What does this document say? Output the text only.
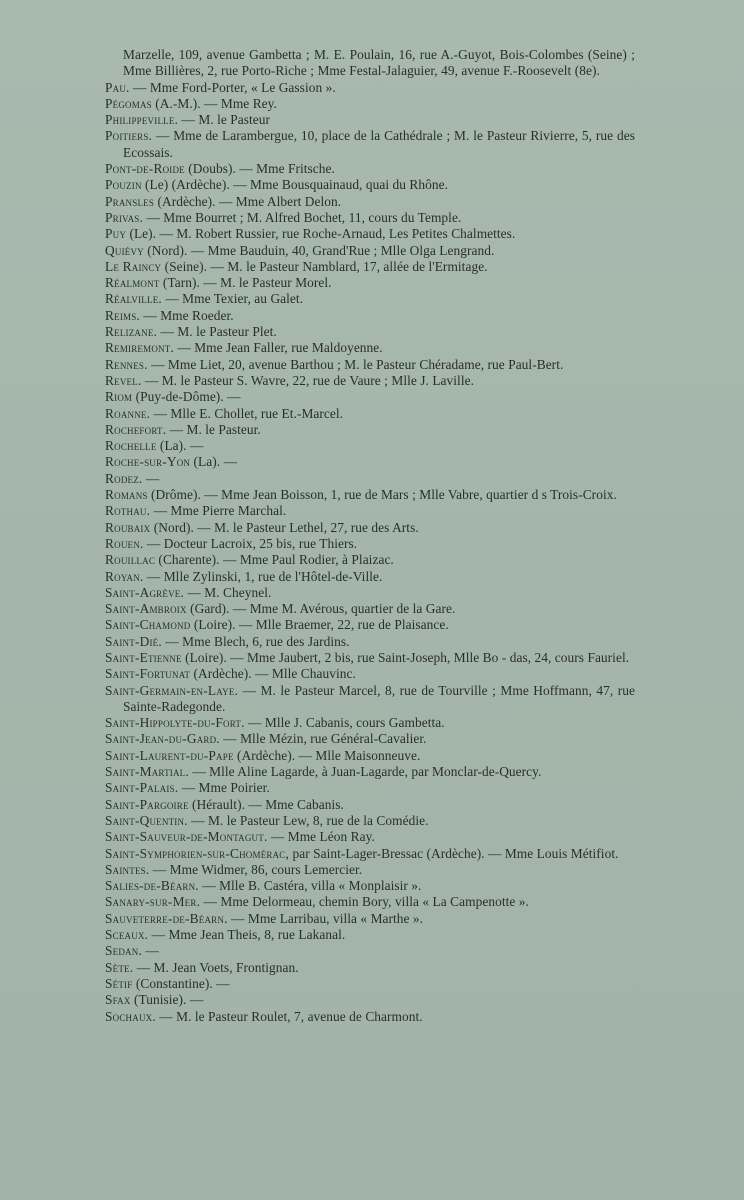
Marzelle, 109, avenue Gambetta ; M. E. Poulain, 16, rue A.-Guyot, Bois-Colombes (Seine) ; Mme Billières, 2, rue Porto-Riche ; Mme Festal-Jalaguier, 49, avenue F.-Roosevelt (8e).
Pau. — Mme Ford-Porter, « Le Gassion ».
Pégomas (A.-M.). — Mme Rey.
Philippeville. — M. le Pasteur
Poitiers. — Mme de Larambergue, 10, place de la Cathédrale ; M. le Pasteur Rivierre, 5, rue des Ecossais.
Pont-de-Roide (Doubs). — Mme Fritsche.
Pouzin (Le) (Ardèche). — Mme Bousquainaud, quai du Rhône.
Pransles (Ardèche). — Mme Albert Delon.
Privas. — Mme Bourret ; M. Alfred Bochet, 11, cours du Temple.
Puy (Le). — M. Robert Russier, rue Roche-Arnaud, Les Petites Chalmettes.
Quiévy (Nord). — Mme Bauduin, 40, Grand'Rue ; Mlle Olga Lengrand.
Le Raincy (Seine). — M. le Pasteur Namblard, 17, allée de l'Ermitage.
Réalmont (Tarn). — M. le Pasteur Morel.
Réalville. — Mme Texier, au Galet.
Reims. — Mme Roeder.
Relizane. — M. le Pasteur Plet.
Remiremont. — Mme Jean Faller, rue Maldoyenne.
Rennes. — Mme Liet, 20, avenue Barthou ; M. le Pasteur Chéradame, rue Paul-Bert.
Revel. — M. le Pasteur S. Wavre, 22, rue de Vaure ; Mlle J. Laville.
Riom (Puy-de-Dôme). —
Roanne. — Mlle E. Chollet, rue Et.-Marcel.
Rochefort. — M. le Pasteur.
Rochelle (La). —
Roche-sur-Yon (La). —
Rodez. —
Romans (Drôme). — Mme Jean Boisson, 1, rue de Mars ; Mlle Vabre, quartier d s Trois-Croix.
Rothau. — Mme Pierre Marchal.
Roubaix (Nord). — M. le Pasteur Lethel, 27, rue des Arts.
Rouen. — Docteur Lacroix, 25 bis, rue Thiers.
Rouillac (Charente). — Mme Paul Rodier, à Plaizac.
Royan. — Mlle Zylinski, 1, rue de l'Hôtel-de-Ville.
Saint-Agrève. — M. Cheynel.
Saint-Ambroix (Gard). — Mme M. Avérous, quartier de la Gare.
Saint-Chamond (Loire). — Mlle Braemer, 22, rue de Plaisance.
Saint-Dié. — Mme Blech, 6, rue des Jardins.
Saint-Etienne (Loire). — Mme Jaubert, 2 bis, rue Saint-Joseph, Mlle Bo - das, 24, cours Fauriel.
Saint-Fortunat (Ardèche). — Mlle Chauvinc.
Saint-Germain-en-Laye. — M. le Pasteur Marcel, 8, rue de Tourville ; Mme Hoffmann, 47, rue Sainte-Radegonde.
Saint-Hippolyte-du-Fort. — Mlle J. Cabanis, cours Gambetta.
Saint-Jean-du-Gard. — Mlle Mézin, rue Général-Cavalier.
Saint-Laurent-du-Pape (Ardèche). — Mlle Maisonneuve.
Saint-Martial. — Mlle Aline Lagarde, à Juan-Lagarde, par Monclar-de-Quercy.
Saint-Palais. — Mme Poirier.
Saint-Pargoire (Hérault). — Mme Cabanis.
Saint-Quentin. — M. le Pasteur Lew, 8, rue de la Comédie.
Saint-Sauveur-de-Montagut. — Mme Léon Ray.
Saint-Symphorien-sur-Chomérac, par Saint-Lager-Bressac (Ardèche). — Mme Louis Métifiot.
Saintes. — Mme Widmer, 86, cours Lemercier.
Salies-de-Béarn. — Mlle B. Castéra, villa « Monplaisir ».
Sanary-sur-Mer. — Mme Delormeau, chemin Bory, villa « La Campenotte ».
Sauveterre-de-Béarn. — Mme Larribau, villa « Marthe ».
Sceaux. — Mme Jean Theis, 8, rue Lakanal.
Sedan. —
Sète. — M. Jean Voets, Frontignan.
Sétif (Constantine). —
Sfax (Tunisie). —
Sochaux. — M. le Pasteur Roulet, 7, avenue de Charmont.
